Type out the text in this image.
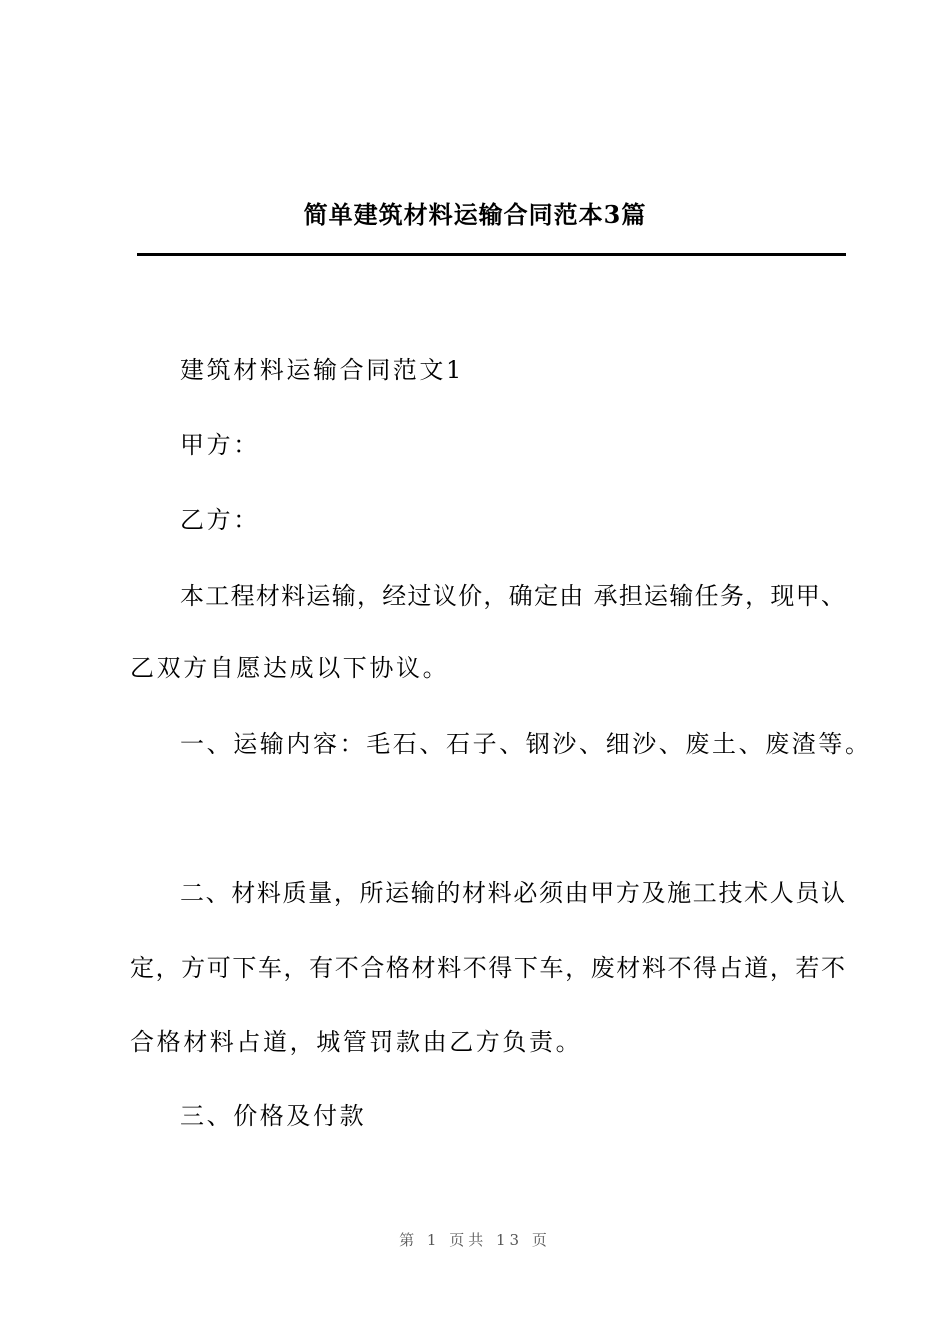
简单建筑材料运输合同范本3篇
建筑材料运输合同范文1
甲方：
乙方：
本工程材料运输，经过议价，确定由 承担运输任务，现甲、
乙双方自愿达成以下协议。
一、运输内容：毛石、石子、钢沙、细沙、废土、废渣等。
二、材料质量，所运输的材料必须由甲方及施工技术人员认
定，方可下车，有不合格材料不得下车，废材料不得占道，若不
合格材料占道，城管罚款由乙方负责。
三、价格及付款
第 1 页共 13 页
